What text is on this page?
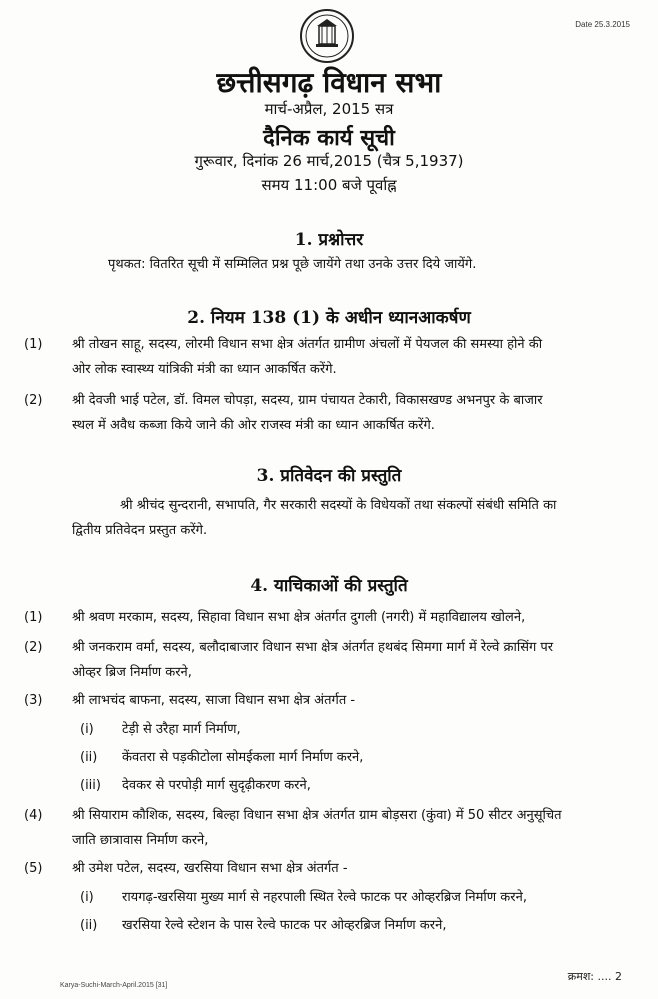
Date 25.3.2015
छत्तीसगढ़ विधान सभा
मार्च-अप्रैल, 2015 सत्र
दैनिक कार्य सूची
गुरूवार, दिनांक 26 मार्च,2015 (चैत्र 5,1937)
समय 11:00 बजे पूर्वाह्न
1. प्रश्नोत्तर
पृथकत: वितरित सूची में सम्मिलित प्रश्न पूछे जायेंगे तथा उनके उत्तर दिये जायेंगे.
2. नियम 138 (1) के अधीन ध्यानआकर्षण
(1) श्री तोखन साहू, सदस्य, लोरमी विधान सभा क्षेत्र अंतर्गत ग्रामीण अंचलों में पेयजल की समस्या होने की
ओर लोक स्वास्थ्य यांत्रिकी मंत्री का ध्यान आकर्षित करेंगे.
(2) श्री देवजी भाई पटेल, डॉ. विमल चोपड़ा, सदस्य, ग्राम पंचायत टेकारी, विकासखण्ड अभनपुर के बाजार
स्थल में अवैध कब्जा किये जाने की ओर राजस्व मंत्री का ध्यान आकर्षित करेंगे.
3. प्रतिवेदन की प्रस्तुति
श्री श्रीचंद सुन्दरानी, सभापति, गैर सरकारी सदस्यों के विधेयकों तथा संकल्पों संबंधी समिति का
द्वितीय प्रतिवेदन प्रस्तुत करेंगे.
4. याचिकाओं की प्रस्तुति
(1) श्री श्रवण मरकाम, सदस्य, सिहावा विधान सभा क्षेत्र अंतर्गत दुगली (नगरी) में महाविद्यालय खोलने,
(2) श्री जनकराम वर्मा, सदस्य, बलौदाबाजार विधान सभा क्षेत्र अंतर्गत हथबंद सिमगा मार्ग में रेल्वे क्रासिंग पर
ओव्हर ब्रिज निर्माण करने,
(3) श्री लाभचंद बाफना, सदस्य, साजा विधान सभा क्षेत्र अंतर्गत -
(i) टेड़ी से उरैहा मार्ग निर्माण,
(ii) केंवतरा से पड़कीटोला सोमईकला मार्ग निर्माण करने,
(iii) देवकर से परपोड़ी मार्ग सुदृढ़ीकरण करने,
(4) श्री सियाराम कौशिक, सदस्य, बिल्हा विधान सभा क्षेत्र अंतर्गत ग्राम बोड़सरा (कुंवा) में 50 सीटर अनुसूचित
जाति छात्रावास निर्माण करने,
(5) श्री उमेश पटेल, सदस्य, खरसिया विधान सभा क्षेत्र अंतर्गत -
(i) रायगढ़-खरसिया मुख्य मार्ग से नहरपाली स्थित रेल्वे फाटक पर ओव्हरब्रिज निर्माण करने,
(ii) खरसिया रेल्वे स्टेशन के पास रेल्वे फाटक पर ओव्हरब्रिज निर्माण करने,
Karya-Suchi-March-April.2015 [31]
क्रमश: .... 2
